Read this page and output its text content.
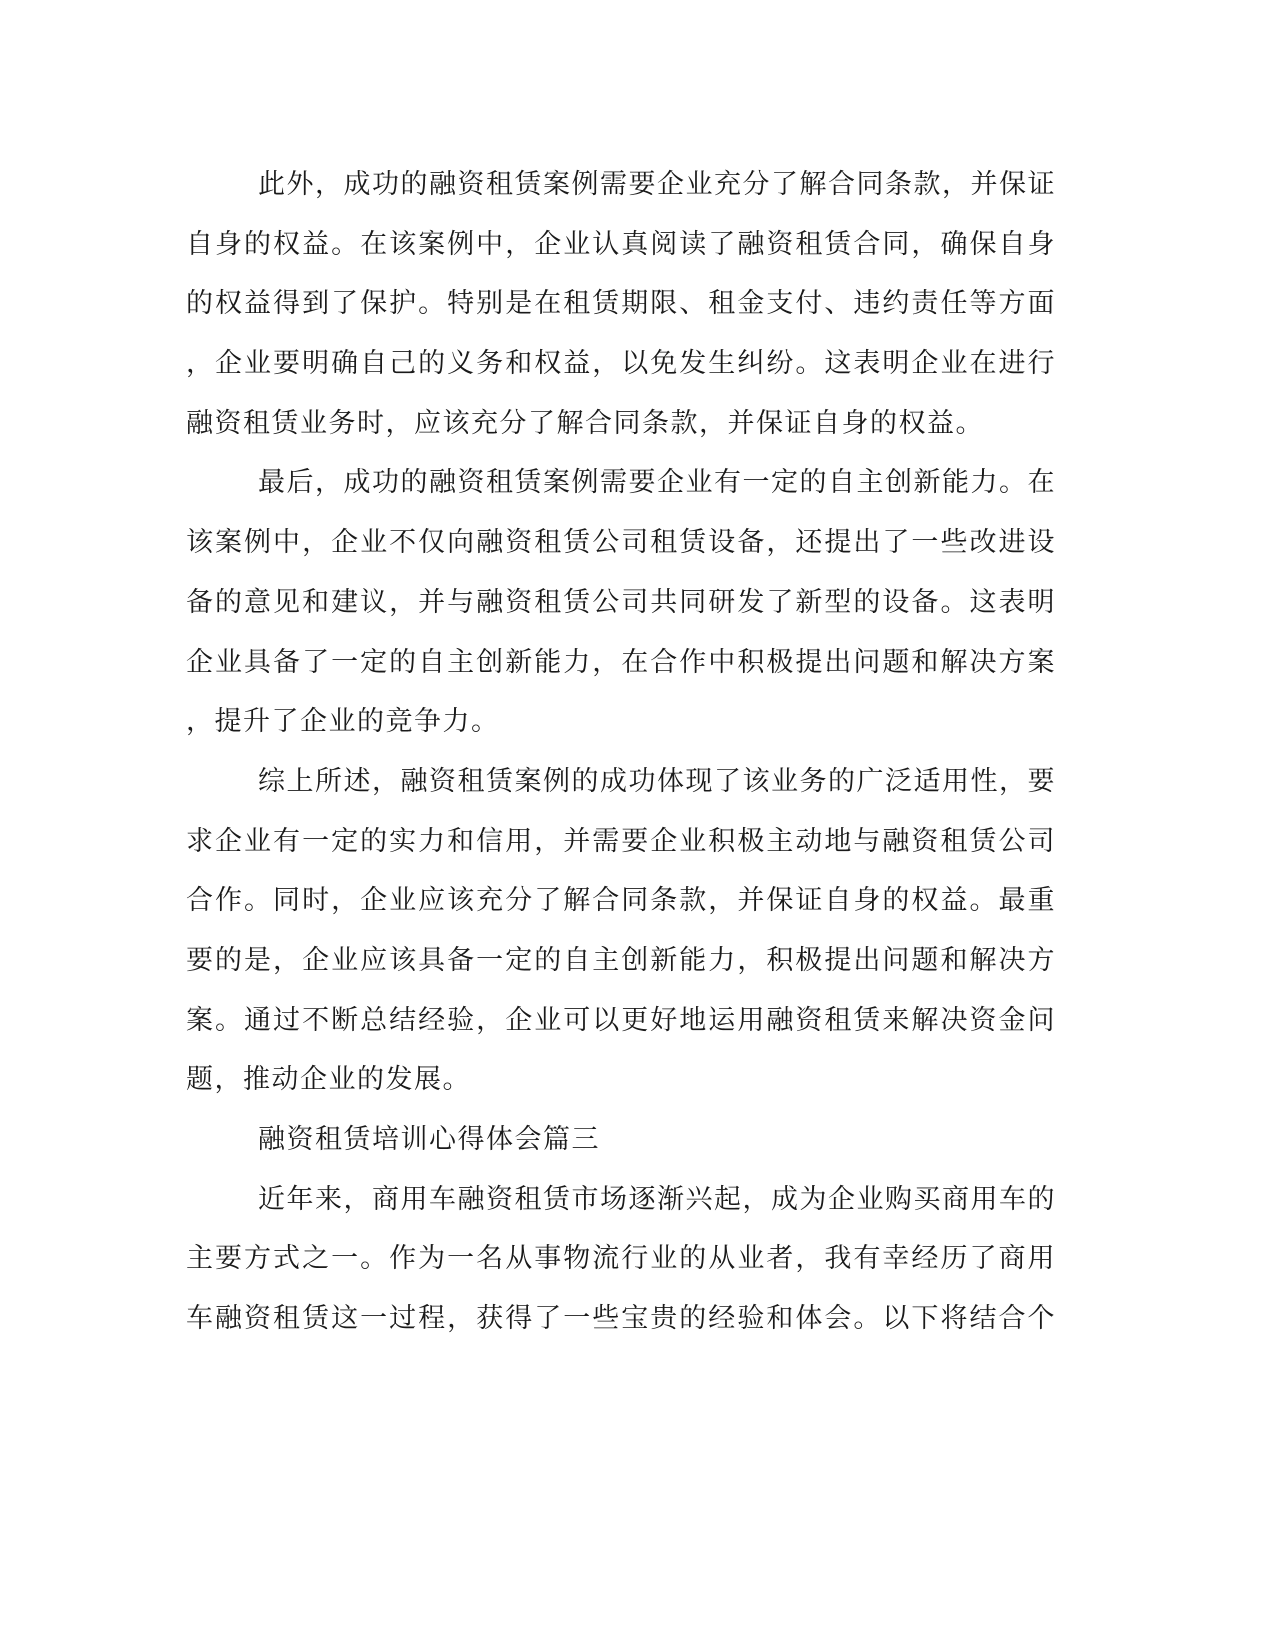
此外，成功的融资租赁案例需要企业充分了解合同条款，并保证
自身的权益。在该案例中，企业认真阅读了融资租赁合同，确保自身
的权益得到了保护。特别是在租赁期限、租金支付、违约责任等方面
，企业要明确自己的义务和权益，以免发生纠纷。这表明企业在进行
融资租赁业务时，应该充分了解合同条款，并保证自身的权益。
最后，成功的融资租赁案例需要企业有一定的自主创新能力。在
该案例中，企业不仅向融资租赁公司租赁设备，还提出了一些改进设
备的意见和建议，并与融资租赁公司共同研发了新型的设备。这表明
企业具备了一定的自主创新能力，在合作中积极提出问题和解决方案
，提升了企业的竞争力。
综上所述，融资租赁案例的成功体现了该业务的广泛适用性，要
求企业有一定的实力和信用，并需要企业积极主动地与融资租赁公司
合作。同时，企业应该充分了解合同条款，并保证自身的权益。最重
要的是，企业应该具备一定的自主创新能力，积极提出问题和解决方
案。通过不断总结经验，企业可以更好地运用融资租赁来解决资金问
题，推动企业的发展。
融资租赁培训心得体会篇三
近年来，商用车融资租赁市场逐渐兴起，成为企业购买商用车的
主要方式之一。作为一名从事物流行业的从业者，我有幸经历了商用
车融资租赁这一过程，获得了一些宝贵的经验和体会。以下将结合个
